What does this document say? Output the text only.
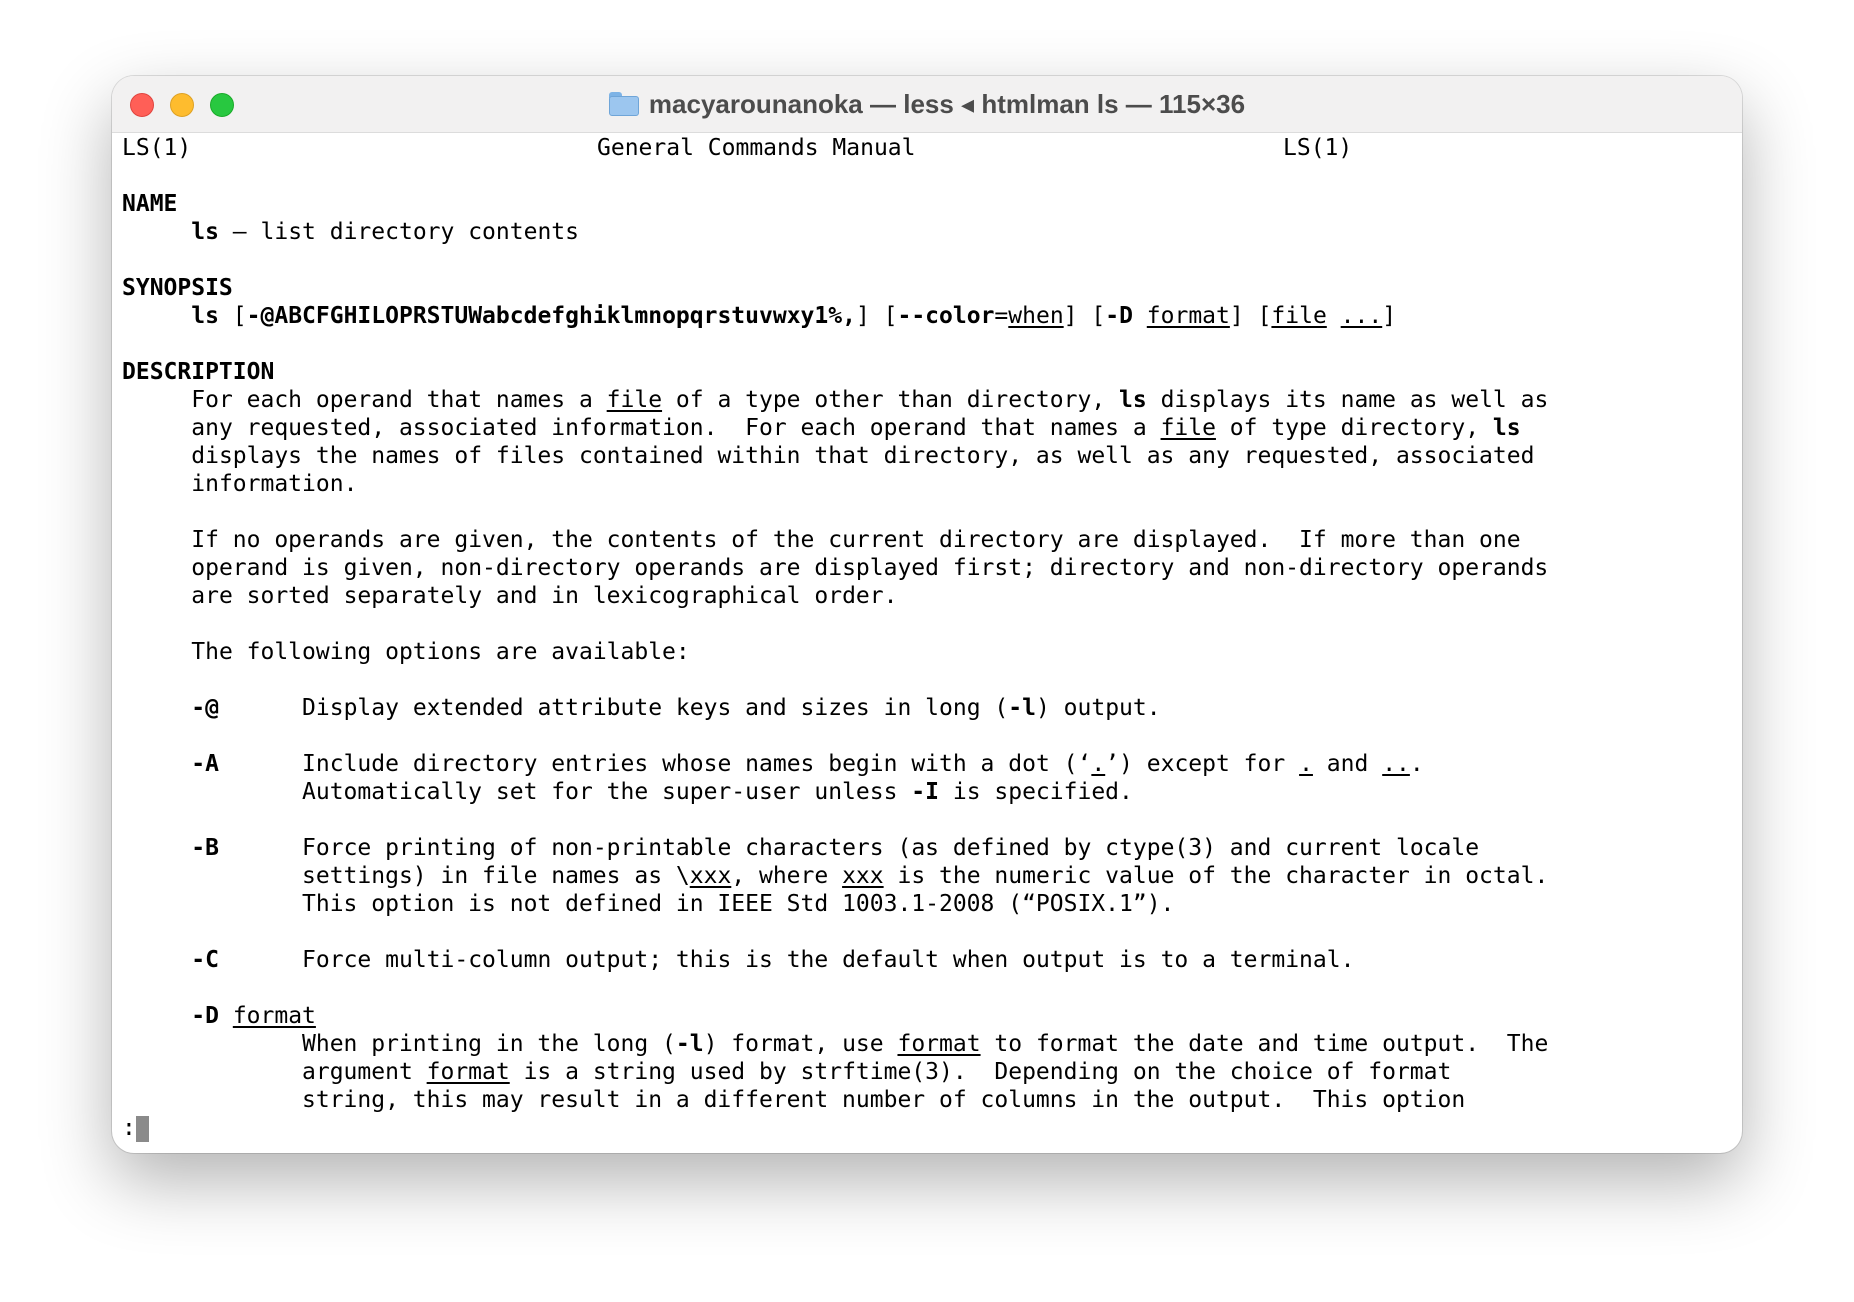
macyarounanoka — less ◂ htmlman ls — 115×36
LS(1)	General Commands Manual	LS(1)
NAME
ls – list directory contents
SYNOPSIS
ls [-@ABCFGHILOPRSTUWabcdefghiklmnopqrstuvwxy1%,] [--color=when] [-D format] [file ...]
DESCRIPTION
For each operand that names a file of a type other than directory, ls displays its name as well as
any requested, associated information.  For each operand that names a file of type directory, ls
displays the names of files contained within that directory, as well as any requested, associated
information.
If no operands are given, the contents of the current directory are displayed.  If more than one
operand is given, non-directory operands are displayed first; directory and non-directory operands
are sorted separately and in lexicographical order.
The following options are available:
-@	Display extended attribute keys and sizes in long (-l) output.
-A	Include directory entries whose names begin with a dot (‘.’) except for . and ...
Automatically set for the super-user unless -I is specified.
-B	Force printing of non-printable characters (as defined by ctype(3) and current locale
settings) in file names as \xxx, where xxx is the numeric value of the character in octal.
This option is not defined in IEEE Std 1003.1-2008 (“POSIX.1”).
-C	Force multi-column output; this is the default when output is to a terminal.
-D format
When printing in the long (-l) format, use format to format the date and time output.  The
argument format is a string used by strftime(3).  Depending on the choice of format
string, this may result in a different number of columns in the output.  This option
:
